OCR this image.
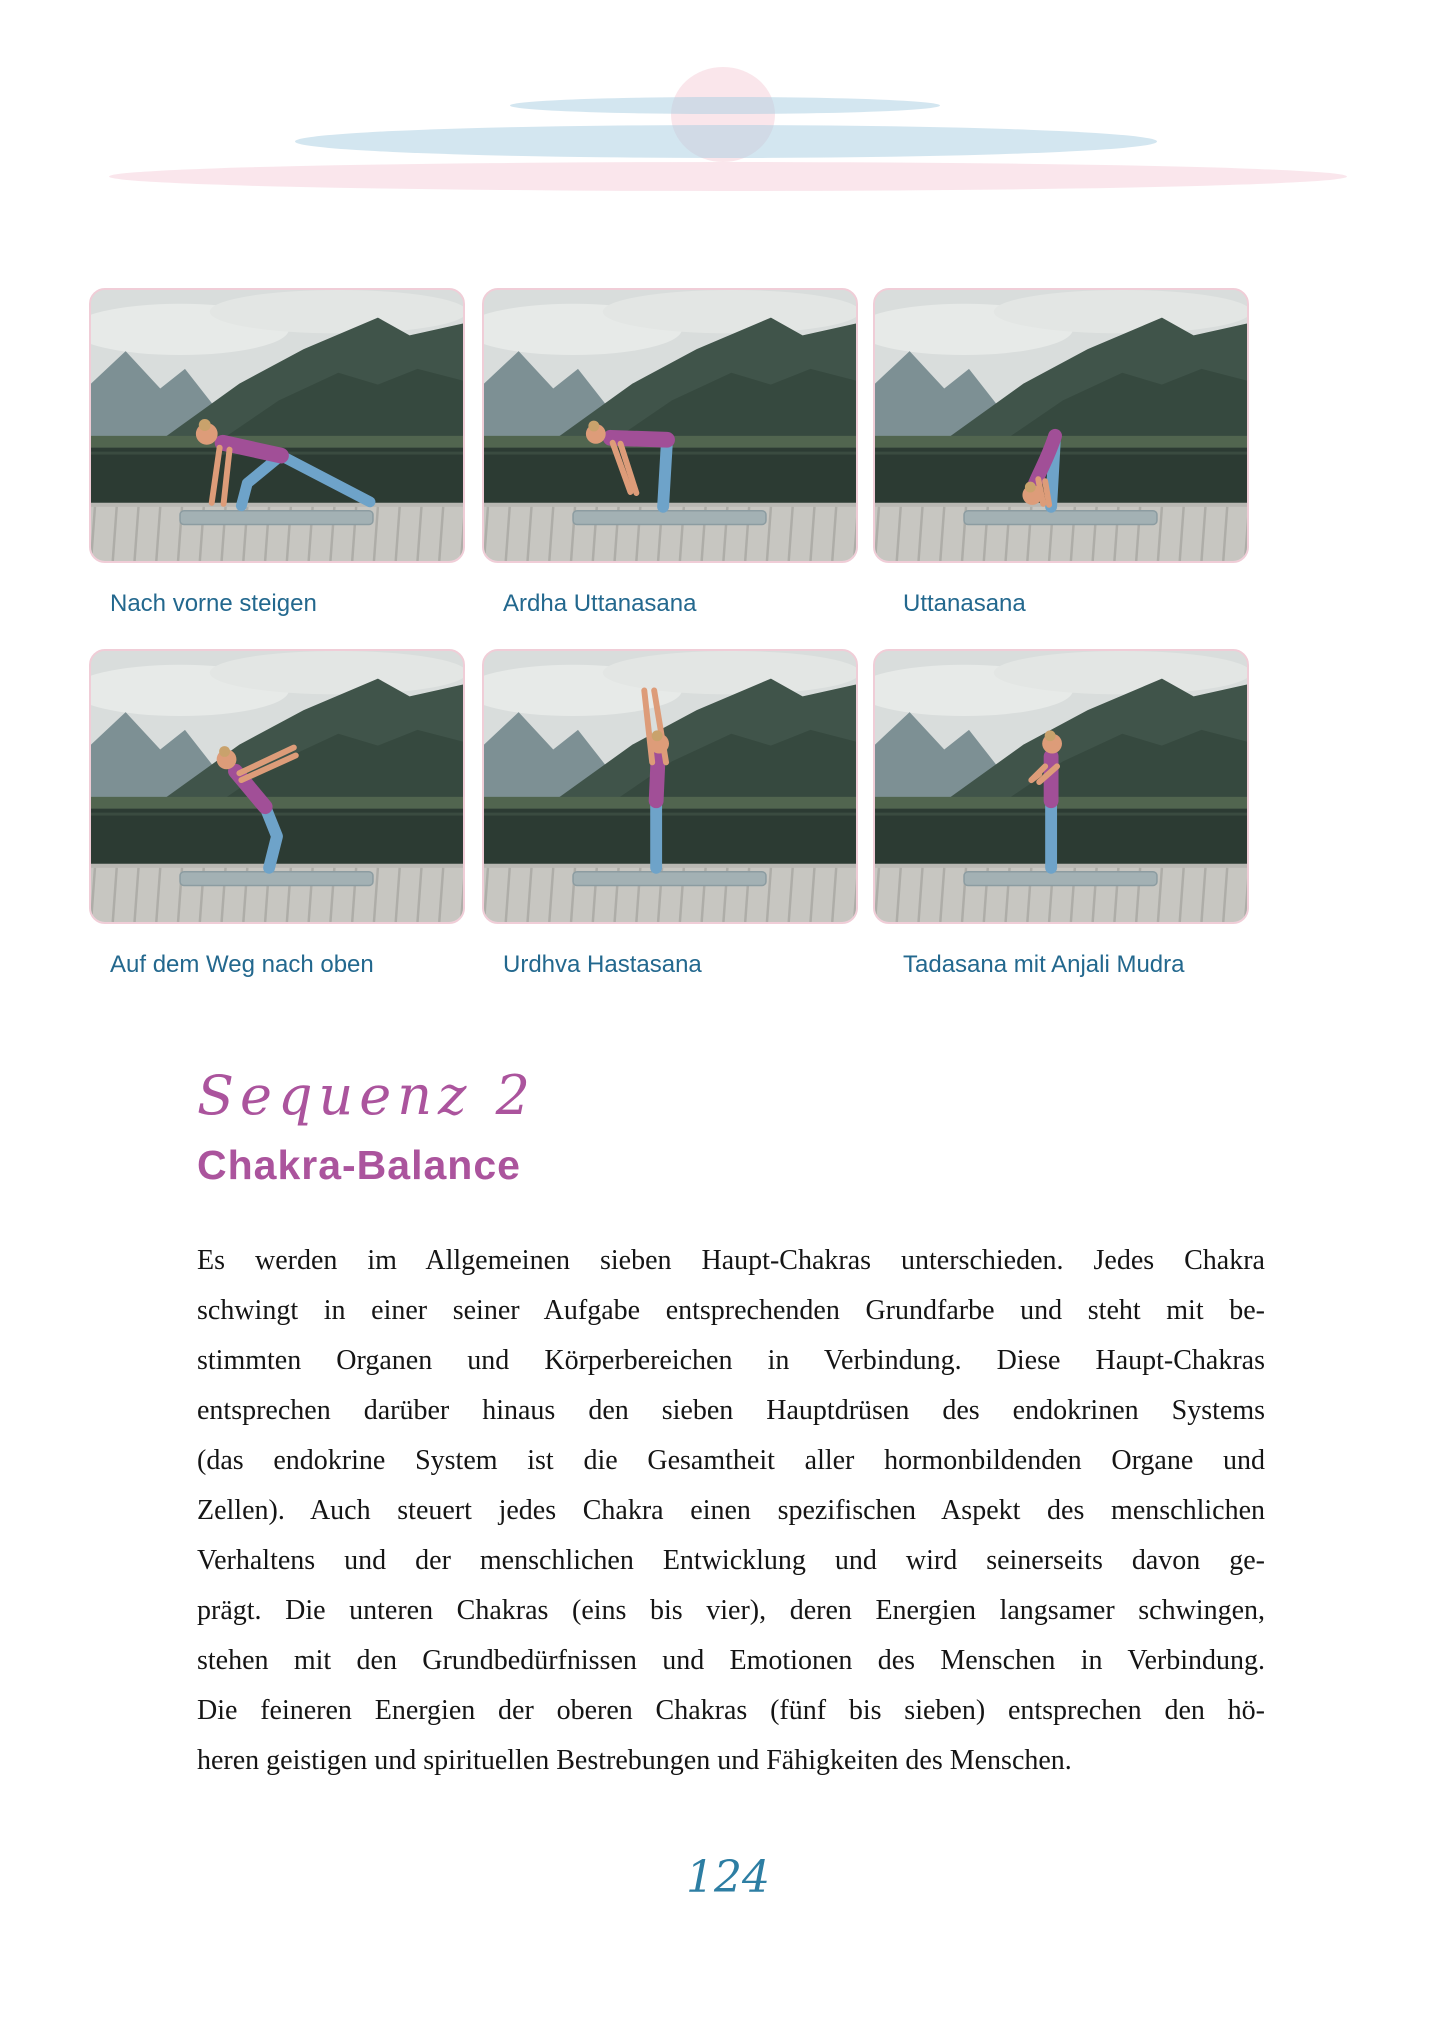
Nach vorne steigen	Ardha Uttanasana	Uttanasana
Auf dem Weg nach oben	Urdhva Hastasana	Tadasana mit Anjali Mudra
Sequenz 2
Chakra-Balance
Es werden im Allgemeinen sieben Haupt-Chakras unterschieden. Jedes Chakra
schwingt in einer seiner Aufgabe entsprechenden Grundfarbe und steht mit be-
stimmten Organen und Körperbereichen in Verbindung. Diese Haupt-Chakras
entsprechen darüber hinaus den sieben Hauptdrüsen des endokrinen Systems
(das endokrine System ist die Gesamtheit aller hormonbildenden Organe und
Zellen). Auch steuert jedes Chakra einen spezifischen Aspekt des menschlichen
Verhaltens und der menschlichen Entwicklung und wird seinerseits davon ge-
prägt. Die unteren Chakras (eins bis vier), deren Energien langsamer schwingen,
stehen mit den Grundbedürfnissen und Emotionen des Menschen in Verbindung.
Die feineren Energien der oberen Chakras (fünf bis sieben) entsprechen den hö-
heren geistigen und spirituellen Bestrebungen und Fähigkeiten des Menschen.
124
